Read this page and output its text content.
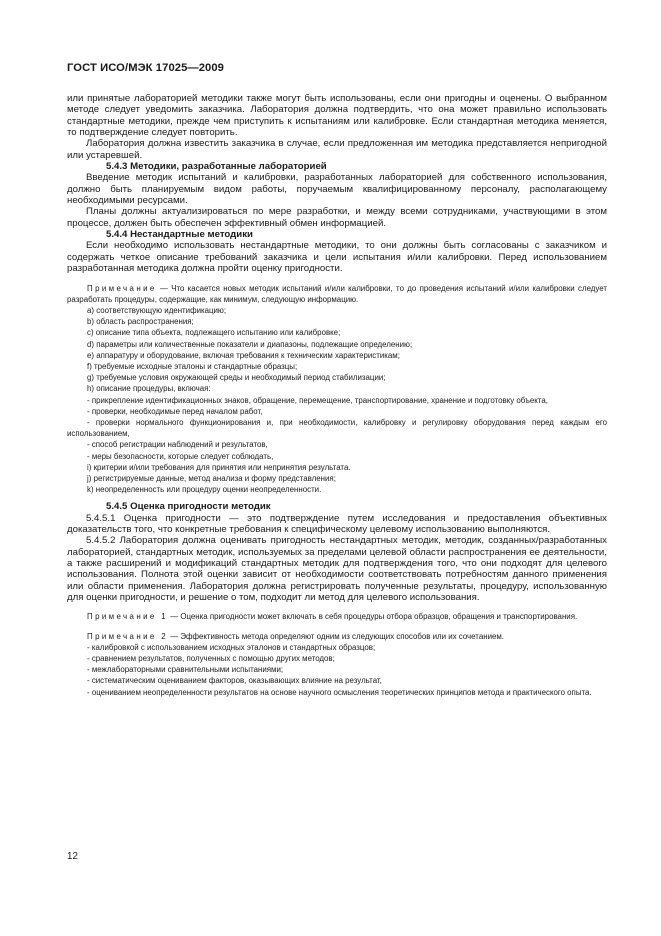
ГОСТ ИСО/МЭК 17025—2009

или принятые лабораторией методики также могут быть использованы, если они пригодны и оценены. О выбранном методе следует уведомить заказчика. Лаборатория должна подтвердить, что она может правильно использовать стандартные методики, прежде чем приступить к испытаниям или калибровке. Если стандартная методика меняется, то подтверждение следует повторить.

Лаборатория должна известить заказчика в случае, если предложенная им методика представляется непригодной или устаревшей.

5.4.3 Методики, разработанные лабораторией

Введение методик испытаний и калибровки, разработанных лабораторией для собственного использования, должно быть планируемым видом работы, поручаемым квалифицированному персоналу, располагающему необходимыми ресурсами.

Планы должны актуализироваться по мере разработки, и между всеми сотрудниками, участвующими в этом процессе, должен быть обеспечен эффективный обмен информацией.

5.4.4 Нестандартные методики

Если необходимо использовать нестандартные методики, то они должны быть согласованы с заказчиком и содержать четкое описание требований заказчика и цели испытания и/или калибровки. Перед использованием разработанная методика должна пройти оценку пригодности.

Примечание — Что касается новых методик испытаний и/или калибровки, то до проведения испытаний и/или калибровки следует разработать процедуры, содержащие, как минимум, следующую информацию.

a) соответствующую идентификацию;
b) область распространения;
c) описание типа объекта, подлежащего испытанию или калибровке;
d) параметры или количественные показатели и диапазоны, подлежащие определению;
e) аппаратуру и оборудование, включая требования к техническим характеристикам;
f) требуемые исходные эталоны и стандартные образцы;
g) требуемые условия окружающей среды и необходимый период стабилизации;
h) описание процедуры, включая:
- прикрепление идентификационных знаков, обращение, перемещение, транспортирование, хранение и подготовку объекта,
- проверки, необходимые перед началом работ,
- проверки нормального функционирования и, при необходимости, калибровку и регулировку оборудования перед каждым его использованием,
- способ регистрации наблюдений и результатов,
- меры безопасности, которые следует соблюдать,
i) критерии и/или требования для принятия или непринятия результата.
j) регистрируемые данные, метод анализа и форму представления;
k) неопределенность или процедуру оценки неопределенности.
5.4.5 Оценка пригодности методик

5.4.5.1 Оценка пригодности — это подтверждение путем исследования и предоставления объективных доказательств того, что конкретные требования к специфическому целевому использованию выполняются.

5.4.5.2 Лаборатория должна оценивать пригодность нестандартных методик, методик, созданных/разработанных лабораторией, стандартных методик, используемых за пределами целевой области распространения ее деятельности, а также расширений и модификаций стандартных методик для подтверждения того, что они подходят для целевого использования. Полнота этой оценки зависит от необходимости соответствовать потребностям данного применения или области применения. Лаборатория должна регистрировать полученные результаты, процедуру, использованную для оценки пригодности, и решение о том, подходит ли метод для целевого использования.

Примечание 1 — Оценка пригодности может включать в себя процедуры отбора образцов, обращения и транспортирования.

Примечание 2 — Эффективность метода определяют одним из следующих способов или их сочетанием.

- калибровкой с использованием исходных эталонов и стандартных образцов;
- сравнением результатов, полученных с помощью других методов;
- межлабораторными сравнительными испытаниями;
- систематическим оцениванием факторов, оказывающих влияние на результат,
- оцениванием неопределенности результатов на основе научного осмысления теоретических принципов метода и практического опыта.
12
